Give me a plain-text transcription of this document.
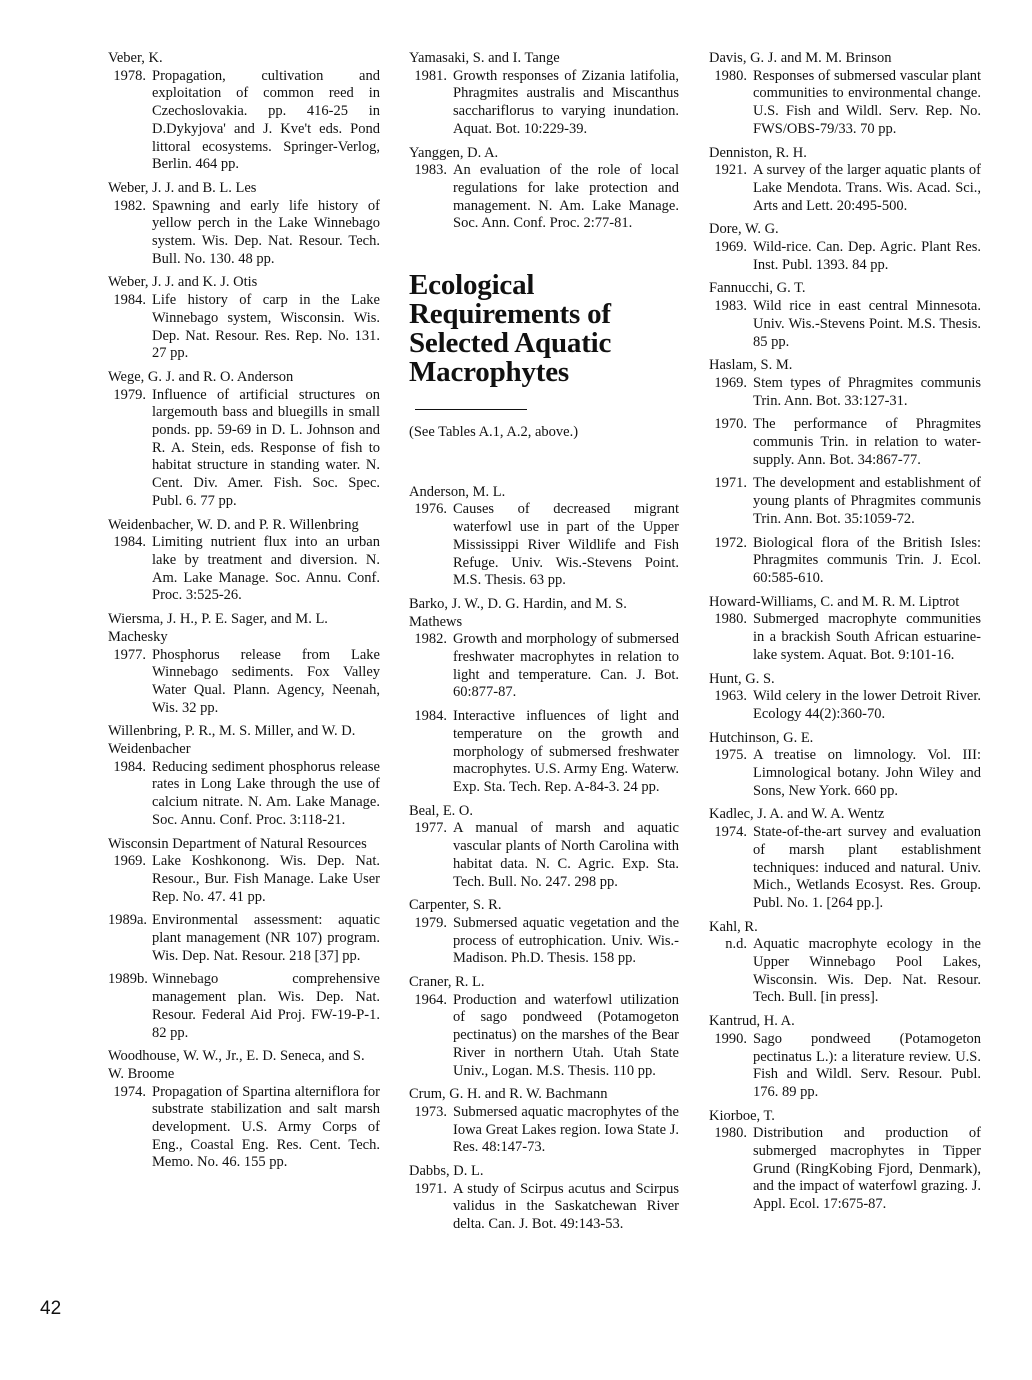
Veber, K.
1978. Propagation, cultivation and exploitation of common reed in Czechoslovakia. pp. 416-25 in D.Dykyjova' and J. Kve't eds. Pond littoral ecosystems. Springer-Verlog, Berlin. 464 pp.
Weber, J. J. and B. L. Les
1982. Spawning and early life history of yellow perch in the Lake Winnebago system. Wis. Dep. Nat. Resour. Tech. Bull. No. 130. 48 pp.
Weber, J. J. and K. J. Otis
1984. Life history of carp in the Lake Winnebago system, Wisconsin. Wis. Dep. Nat. Resour. Res. Rep. No. 131. 27 pp.
Wege, G. J. and R. O. Anderson
1979. Influence of artificial structures on largemouth bass and bluegills in small ponds. pp. 59-69 in D. L. Johnson and R. A. Stein, eds. Response of fish to habitat structure in standing water. N. Cent. Div. Amer. Fish. Soc. Spec. Publ. 6. 77 pp.
Weidenbacher, W. D. and P. R. Willenbring
1984. Limiting nutrient flux into an urban lake by treatment and diversion. N. Am. Lake Manage. Soc. Annu. Conf. Proc. 3:525-26.
Wiersma, J. H., P. E. Sager, and M. L. Machesky
1977. Phosphorus release from Lake Winnebago sediments. Fox Valley Water Qual. Plann. Agency, Neenah, Wis. 32 pp.
Willenbring, P. R., M. S. Miller, and W. D. Weidenbacher
1984. Reducing sediment phosphorus release rates in Long Lake through the use of calcium nitrate. N. Am. Lake Manage. Soc. Annu. Conf. Proc. 3:118-21.
Wisconsin Department of Natural Resources
1969. Lake Koshkonong. Wis. Dep. Nat. Resour., Bur. Fish Manage. Lake User Rep. No. 47. 41 pp.
1989a. Environmental assessment: aquatic plant management (NR 107) program. Wis. Dep. Nat. Resour. 218 [37] pp.
1989b. Winnebago comprehensive management plan. Wis. Dep. Nat. Resour. Federal Aid Proj. FW-19-P-1. 82 pp.
Woodhouse, W. W., Jr., E. D. Seneca, and S. W. Broome
1974. Propagation of Spartina alterniflora for substrate stabilization and salt marsh development. U.S. Army Corps of Eng., Coastal Eng. Res. Cent. Tech. Memo. No. 46. 155 pp.
Yamasaki, S. and I. Tange
1981. Growth responses of Zizania latifolia, Phragmites australis and Miscanthus sacchariflorus to varying inundation. Aquat. Bot. 10:229-39.
Yanggen, D. A.
1983. An evaluation of the role of local regulations for lake protection and management. N. Am. Lake Manage. Soc. Ann. Conf. Proc. 2:77-81.
Ecological Requirements of Selected Aquatic Macrophytes
(See Tables A.1, A.2, above.)
Anderson, M. L.
1976. Causes of decreased migrant waterfowl use in part of the Upper Mississippi River Wildlife and Fish Refuge. Univ. Wis.-Stevens Point. M.S. Thesis. 63 pp.
Barko, J. W., D. G. Hardin, and M. S. Mathews
1982. Growth and morphology of submersed freshwater macrophytes in relation to light and temperature. Can. J. Bot. 60:877-87.
1984. Interactive influences of light and temperature on the growth and morphology of submersed freshwater macrophytes. U.S. Army Eng. Waterw. Exp. Sta. Tech. Rep. A-84-3. 24 pp.
Beal, E. O.
1977. A manual of marsh and aquatic vascular plants of North Carolina with habitat data. N. C. Agric. Exp. Sta. Tech. Bull. No. 247. 298 pp.
Carpenter, S. R.
1979. Submersed aquatic vegetation and the process of eutrophication. Univ. Wis.-Madison. Ph.D. Thesis. 158 pp.
Craner, R. L.
1964. Production and waterfowl utilization of sago pondweed (Potamogeton pectinatus) on the marshes of the Bear River in northern Utah. Utah State Univ., Logan. M.S. Thesis. 110 pp.
Crum, G. H. and R. W. Bachmann
1973. Submersed aquatic macrophytes of the Iowa Great Lakes region. Iowa State J. Res. 48:147-73.
Dabbs, D. L.
1971. A study of Scirpus acutus and Scirpus validus in the Saskatchewan River delta. Can. J. Bot. 49:143-53.
Davis, G. J. and M. M. Brinson
1980. Responses of submersed vascular plant communities to environmental change. U.S. Fish and Wildl. Serv. Rep. No. FWS/OBS-79/33. 70 pp.
Denniston, R. H.
1921. A survey of the larger aquatic plants of Lake Mendota. Trans. Wis. Acad. Sci., Arts and Lett. 20:495-500.
Dore, W. G.
1969. Wild-rice. Can. Dep. Agric. Plant Res. Inst. Publ. 1393. 84 pp.
Fannucchi, G. T.
1983. Wild rice in east central Minnesota. Univ. Wis.-Stevens Point. M.S. Thesis. 85 pp.
Haslam, S. M.
1969. Stem types of Phragmites communis Trin. Ann. Bot. 33:127-31.
1970. The performance of Phragmites communis Trin. in relation to water-supply. Ann. Bot. 34:867-77.
1971. The development and establishment of young plants of Phragmites communis Trin. Ann. Bot. 35:1059-72.
1972. Biological flora of the British Isles: Phragmites communis Trin. J. Ecol. 60:585-610.
Howard-Williams, C. and M. R. M. Liptrot
1980. Submerged macrophyte communities in a brackish South African estuarine-lake system. Aquat. Bot. 9:101-16.
Hunt, G. S.
1963. Wild celery in the lower Detroit River. Ecology 44(2):360-70.
Hutchinson, G. E.
1975. A treatise on limnology. Vol. III: Limnological botany. John Wiley and Sons, New York. 660 pp.
Kadlec, J. A. and W. A. Wentz
1974. State-of-the-art survey and evaluation of marsh plant establishment techniques: induced and natural. Univ. Mich., Wetlands Ecosyst. Res. Group. Publ. No. 1. [264 pp.].
Kahl, R.
n.d. Aquatic macrophyte ecology in the Upper Winnebago Pool Lakes, Wisconsin. Wis. Dep. Nat. Resour. Tech. Bull. [in press].
Kantrud, H. A.
1990. Sago pondweed (Potamogeton pectinatus L.): a literature review. U.S. Fish and Wildl. Serv. Resour. Publ. 176. 89 pp.
Kiorboe, T.
1980. Distribution and production of submerged macrophytes in Tipper Grund (RingKobing Fjord, Denmark), and the impact of waterfowl grazing. J. Appl. Ecol. 17:675-87.
42
